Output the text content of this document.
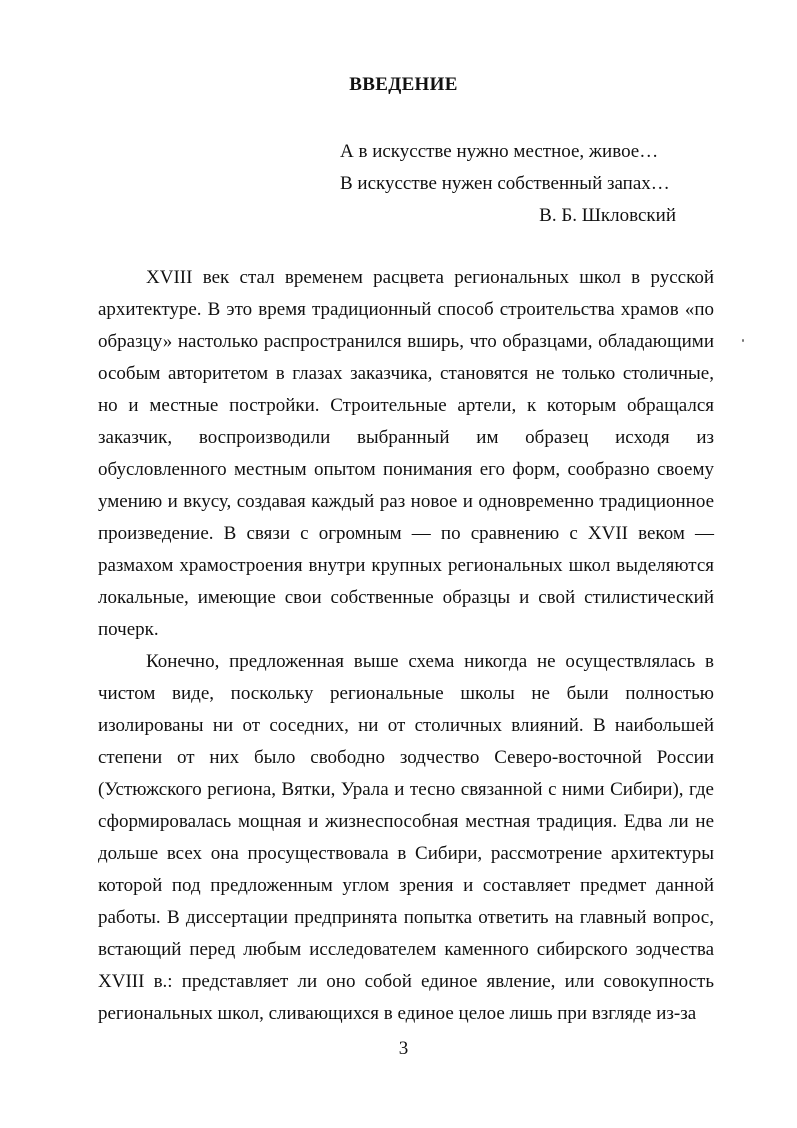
ВВЕДЕНИЕ
А в искусстве нужно местное, живое…
В искусстве нужен собственный запах…
В. Б. Шкловский

XVIII век стал временем расцвета региональных школ в русской архитектуре. В это время традиционный способ строительства храмов «по образцу» настолько распространился вширь, что образцами, обладающими особым авторитетом в глазах заказчика, становятся не только столичные, но и местные постройки. Строительные артели, к которым обращался заказчик, воспроизводили выбранный им образец исходя из обусловленного местным опытом понимания его форм, сообразно своему умению и вкусу, создавая каждый раз новое и одновременно традиционное произведение. В связи с огромным — по сравнению с XVII веком — размахом храмостроения внутри крупных региональных школ выделяются локальные, имеющие свои собственные образцы и свой стилистический почерк.

Конечно, предложенная выше схема никогда не осуществлялась в чистом виде, поскольку региональные школы не были полностью изолированы ни от соседних, ни от столичных влияний. В наибольшей степени от них было свободно зодчество Северо-восточной России (Устюжского региона, Вятки, Урала и тесно связанной с ними Сибири), где сформировалась мощная и жизнеспособная местная традиция. Едва ли не дольше всех она просуществовала в Сибири, рассмотрение архитектуры которой под предложенным углом зрения и составляет предмет данной работы. В диссертации предпринята попытка ответить на главный вопрос, встающий перед любым исследователем каменного сибирского зодчества XVIII в.: представляет ли оно собой единое явление, или совокупность региональных школ, сливающихся в единое целое лишь при взгляде из-за

3
